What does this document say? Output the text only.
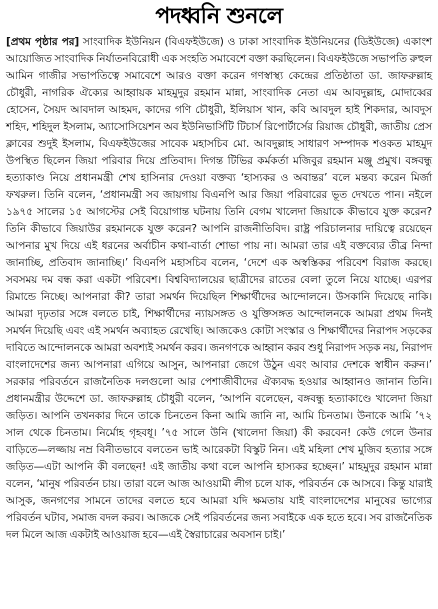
পদধ্বনি শুনলে

[প্রথম পৃষ্ঠার পর] সাংবাদিক ইউনিয়ন (বিএফইউজে) ও ঢাকা সাংবাদিক ইউনিয়নের (ডিইউজে) একাংশ আয়োজিত সাংবাদিক নির্যাতনবিরোধী এক সংহতি সমাবেশে বক্তা করছিলেন। বিএফইউজে সভাপতি রুহুল আমিন গাজীর সভাপতিত্বে সমাবেশে আরও বক্তা করেন গণস্বাস্থ্য কেন্দ্রের প্রতিষ্ঠাতা ডা. জাফরুল্লাহ চৌধুরী, নাগরিক ঐক্যের আহ্বায়ক মাহমুদুর রহমান মান্না, সাংবাদিক নেতা এম আবদুল্লাহ, মোদাব্বের হোসেন, সৈয়দ আবদাল আহমদ, কাদের গণি চৌধুরী, ইলিয়াস খান, কবি আবদুল হাই শিকদার, আবদুস শহিদ, শহিদুল ইসলাম, অ্যাসোসিয়েশন অব ইউনিভার্সিটি টিচার্স রিপোর্টার্সের রিয়াজ চৌধুরী, জাতীয় প্রেস ক্লাবের শুদুই ইসলাম, বিএফইউজের সাবেক মহাসচিব মো. আবদুল্লাহ সাধারণ সম্পাদক শওকত মাহমুদ উপস্থিত ছিলেন জিয়া পরিবার দিয়ে প্রতিবাদ। দিগন্ত টিভির কর্মকর্তা মজিবুর রহমান মঞ্জু প্রমুখ। বঙ্গবন্ধু হত্যাকাণ্ড নিয়ে প্রধানমন্ত্রী শেখ হাসিনার দেওয়া বক্তব্য ‘হাস্যকর ও অবান্তর’ বলে মন্তব্য করেন মির্জা ফখরুল। তিনি বলেন, ‘প্রধানমন্ত্রী সব জায়গায় বিএনপি আর জিয়া পরিবারের ভূত দেখতে পান। নইলে ১৯৭৫ সালের ১৫ আগস্টের সেই বিয়োগান্ত ঘটনায় তিনি বেগম খালেদা জিয়াকে কীভাবে যুক্ত করেন? তিনি কীভাবে জিয়াউর রহমানকে যুক্ত করেন? আপনি রাজনীতিবিদ। রাষ্ট্র পরিচালনার দায়িত্বে রয়েছেন আপনার মুখ দিয়ে এই ধরনের অর্বাচীন কথা-বার্তা শোভা পায় না। আমরা তার এই বক্তব্যের তীব্র নিন্দা জানাচ্ছি, প্রতিবাদ জানাচ্ছি।’ বিএনপি মহাসচিব বলেন, ‘দেশে এক অস্বস্তিকর পরিবেশ বিরাজ করছে। সবসময় দম বন্ধ করা একটা পরিবেশ। বিশ্ববিদ্যালয়ের ছাত্রীদের রাতের বেলা তুলে নিয়ে যাচ্ছে। এরপর রিমান্ডে নিচ্ছে। আপনারা কী? তারা সমর্থন দিয়েছিল শিক্ষার্থীদের আন্দোলনে। উসকানি দিয়েছে নাকি। আমরা দৃঢ়তার সঙ্গে বলতে চাই, শিক্ষার্থীদের ন্যায়সঙ্গত ও যুক্তিসঙ্গত আন্দোলনকে আমরা প্রথম দিনই সমর্থন দিয়েছি এবং এই সমর্থন অব্যাহত রেখেছি। আজকেও কোটা সংস্কার ও শিক্ষার্থীদের নিরাপদ সড়কের দাবিতে আন্দোলনকে আমরা অবশ্যই সমর্থন করব। জনগণকে আহ্বান করব শুধু নিরাপদ সড়ক নয়, নিরাপদ বাংলাদেশের জন্য আপনারা এগিয়ে আসুন, আপনারা জেগে উঠুন এবং আবার দেশকে স্বাধীন করুন।’ সরকার পরিবর্তনে রাজনৈতিক দলগুলো আর পেশাজীবীদের ঐক্যবদ্ধ হওয়ার আহ্বানও জানান তিনি। প্রধানমন্ত্রীর উদ্দেশে ডা. জাফরুল্লাহ চৌধুরী বলেন, ‘আপনি বলেছেন, বঙ্গবন্ধু হত্যাকাণ্ডে খালেদা জিয়া জড়িত। আপনি তখনকার দিনে তাকে চিনতেন কিনা আমি জানি না, আমি চিনতাম। উনাকে আমি ’৭২ সাল থেকে চিনতাম। নির্মোহ গৃহবধূ। ’৭৫ সালে উনি (খালেদা জিয়া) কী করবেন! কেউ গেলে উনার বাড়িতে—লজ্জায় নম্র বিনীতভাবে বলতেন ভাই আরেকটা বিস্কুট নিন। এই মহিলা শেখ মুজিব হত্যার সঙ্গে জড়িত—এটা আপনি কী বলছেন! এই জাতীয় কথা বলে আপনি হাস্যকর হচ্ছেন।’ মাহমুদুর রহমান মান্না বলেন, ‘মানুষ পরিবর্তন চায়। তারা বলে আজ আওয়ামী লীগ চলে যাক, পরিবর্তন কে আসবে। কিন্তু যারাই আসুক, জনগণের সামনে তাদের বলতে হবে আমরা যদি ক্ষমতায় যাই বাংলাদেশের মানুষের ভাগ্যের পরিবর্তন ঘটাব, সমাজ বদল করব। আজকে সেই পরিবর্তনের জন্য সবাইকে এক হতে হবে। সব রাজনৈতিক দল মিলে আজ একটাই আওয়াজ হবে—এই স্বৈরাচারের অবসান চাই।’
